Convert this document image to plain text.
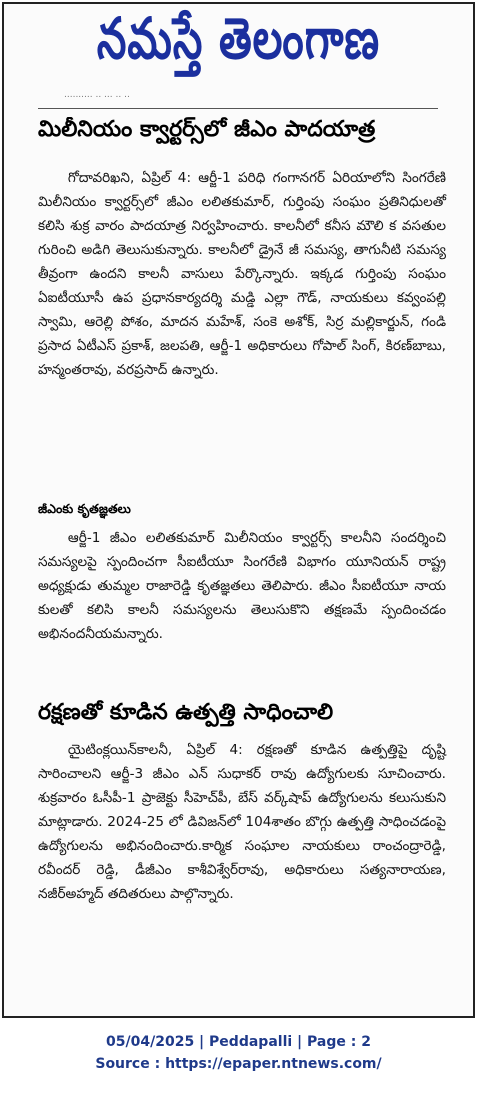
నమస్తే తెలంగాణ
.......... .. ... .. ..
మిలీనియం క్వార్టర్స్‌లో జీఎం పాదయాత్ర
గోదావరిఖని, ఏప్రిల్ 4: ఆర్జీ-1 పరిధి గంగానగర్ ఏరియాలోని సింగరేణి మిలీనియం క్వార్టర్స్‌లో జీఎం లలితకుమార్, గుర్తింపు సంఘం ప్రతినిధులతో కలిసి శుక్ర వారం పాదయాత్ర నిర్వహించారు. కాలనీలో కనీస మౌలి క వసతుల గురించి అడిగి తెలుసుకున్నారు. కాలనీలో డ్రైనే జీ సమస్య, తాగునీటి సమస్య తీవ్రంగా ఉందని కాలనీ వాసులు పేర్కొన్నారు. ఇక్కడ గుర్తింపు సంఘం ఏఐటీయూసీ ఉప ప్రధానకార్యదర్శి మడ్డి ఎల్లా గౌడ్, నాయకులు కవ్వంపల్లి స్వామి, ఆరెల్లి పోశం, మాదన మహేశ్, సంకె అశోక్, సిర్ర మల్లికార్జున్, గండి ప్రసాద ఏటీఎస్ ప్రకాశ్, జలపతి, ఆర్జీ-1 అధికారులు గోపాల్ సింగ్, కిరణ్‌బాబు, హన్మంతరావు, వరప్రసాద్ ఉన్నారు.
జీఎంకు కృతజ్ఞతలు
ఆర్జీ-1 జీఎం లలితకుమార్ మిలీనియం క్వార్టర్స్ కాలనీని సందర్శించి సమస్యలపై స్పందించగా సీఐటీయూ సింగరేణి విభాగం యూనియన్ రాష్ట్ర అధ్యక్షుడు తుమ్మల రాజారెడ్డి కృతజ్ఞతలు తెలిపారు. జీఎం సీఐటీయూ నాయ కులతో కలిసి కాలనీ సమస్యలను తెలుసుకొని తక్షణమే స్పందించడం అభినందనీయమన్నారు.
రక్షణతో కూడిన ఉత్పత్తి సాధించాలి
యైటింక్లయిన్‌కాలనీ, ఏప్రిల్ 4: రక్షణతో కూడిన ఉత్పత్తిపై దృష్టి సారించాలని ఆర్జీ-3 జీఎం ఎన్ సుధాకర్ రావు ఉద్యోగులకు సూచించారు. శుక్రవారం ఓసీపీ-1 ప్రాజెక్టు సీహెచ్‌పీ, బేస్ వర్క్‌షాప్ ఉద్యోగులను కలుసుకుని మాట్లాడారు. 2024-25 లో డివిజన్‌లో 104శాతం బొగ్గు ఉత్పత్తి సాధించడంపై ఉద్యోగులను అభినందించారు.కార్మిక సంఘాల నాయకులు రాంచంద్రారెడ్డి, రవీందర్ రెడ్డి, డీజీఎం కాశీవిశ్వేర్‌రావు, అధికారులు సత్యనారాయణ, నజీర్‌అహ్మద్ తదితరులు పాల్గొన్నారు.
05/04/2025 | Peddapalli | Page : 2
Source : https://epaper.ntnews.com/
